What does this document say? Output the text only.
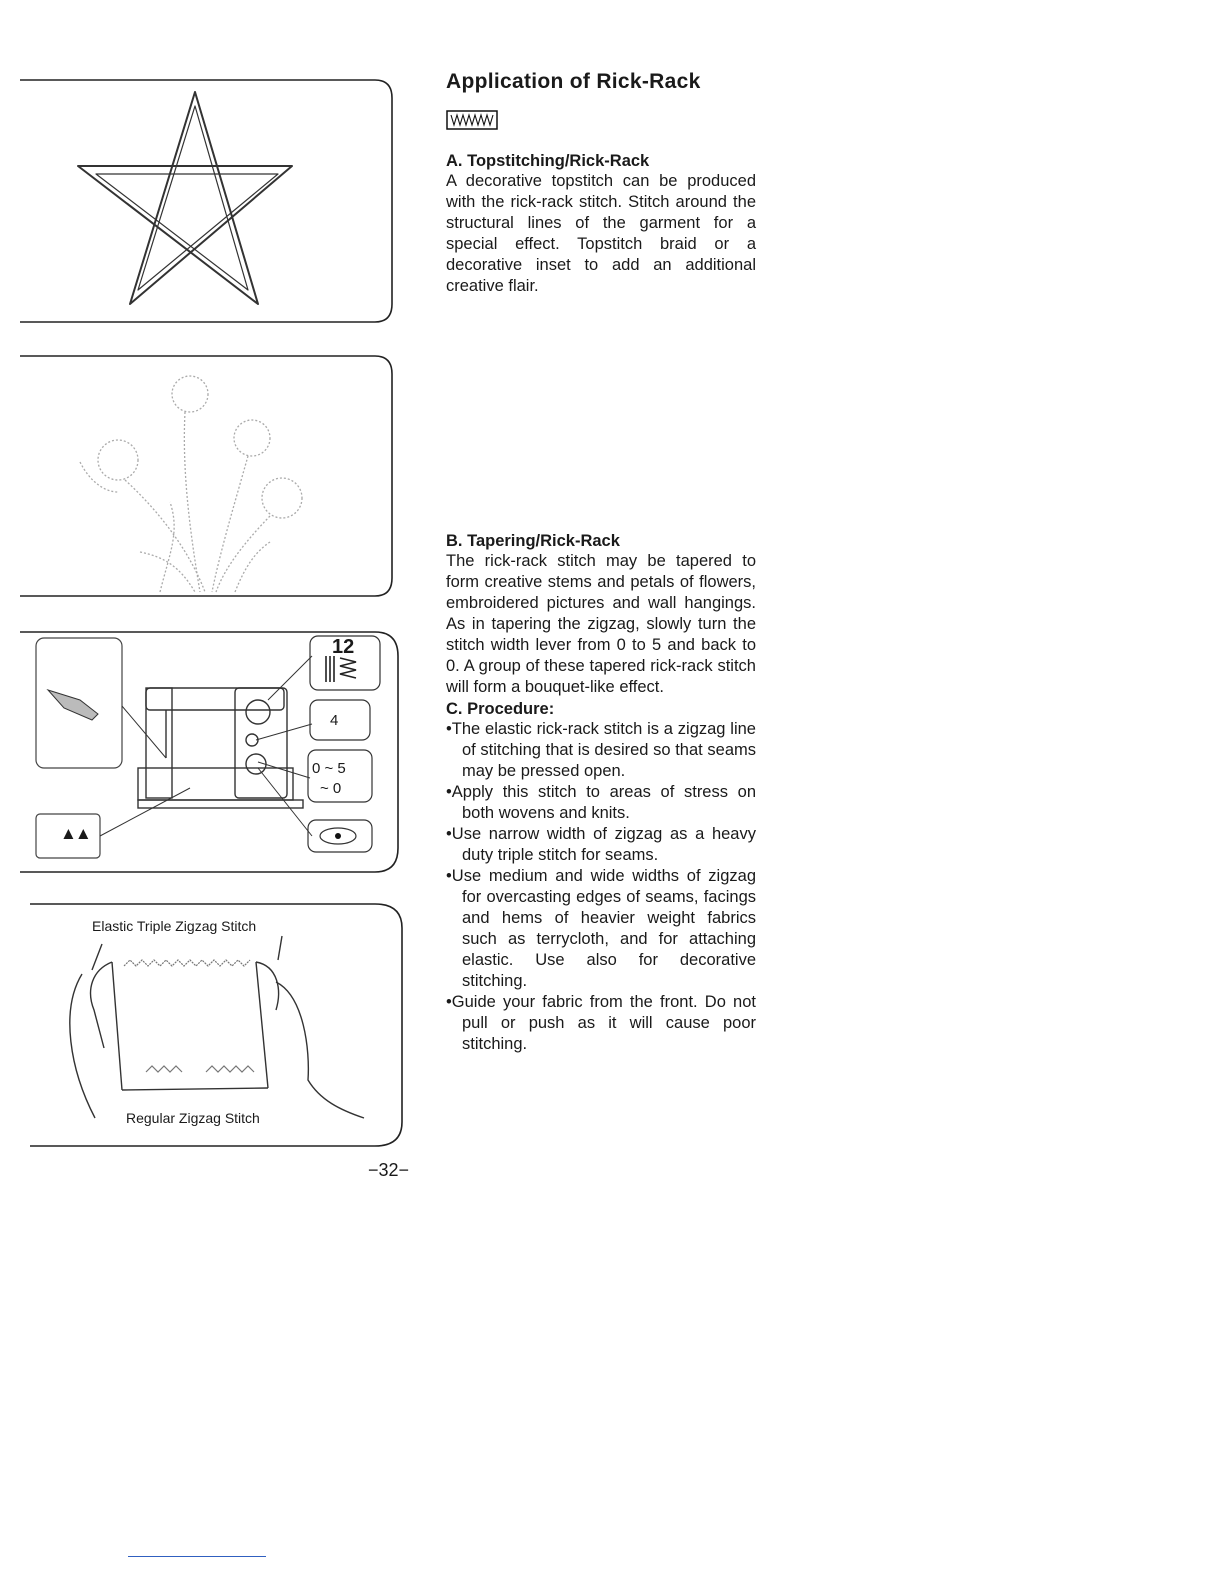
▲▲
12
4
0 ~ 5
~ 0
Elastic Triple Zigzag Stitch
Regular Zigzag Stitch
Application of Rick-Rack

A. Topstitching/Rick-Rack

A decorative topstitch can be produced with the rick-rack stitch. Stitch around the structural lines of the garment for a special effect. Topstitch braid or a decorative inset to add an additional creative flair.

B. Tapering/Rick-Rack

The rick-rack stitch may be tapered to form creative stems and petals of flowers, embroidered pictures and wall hangings. As in tapering the zigzag, slowly turn the stitch width lever from 0 to 5 and back to 0. A group of these tapered rick-rack stitch will form a bouquet-like effect.

C. Procedure:

•The elastic rick-rack stitch is a zigzag line of stitching that is desired so that seams may be pressed open.
•Apply this stitch to areas of stress on both wovens and knits.
•Use narrow width of zigzag as a heavy duty triple stitch for seams.
•Use medium and wide widths of zigzag for overcasting edges of seams, facings and hems of heavier weight fabrics such as terrycloth, and for attaching elastic. Use also for decorative stitching.
•Guide your fabric from the front. Do not pull or push as it will cause poor stitching.
−32−
